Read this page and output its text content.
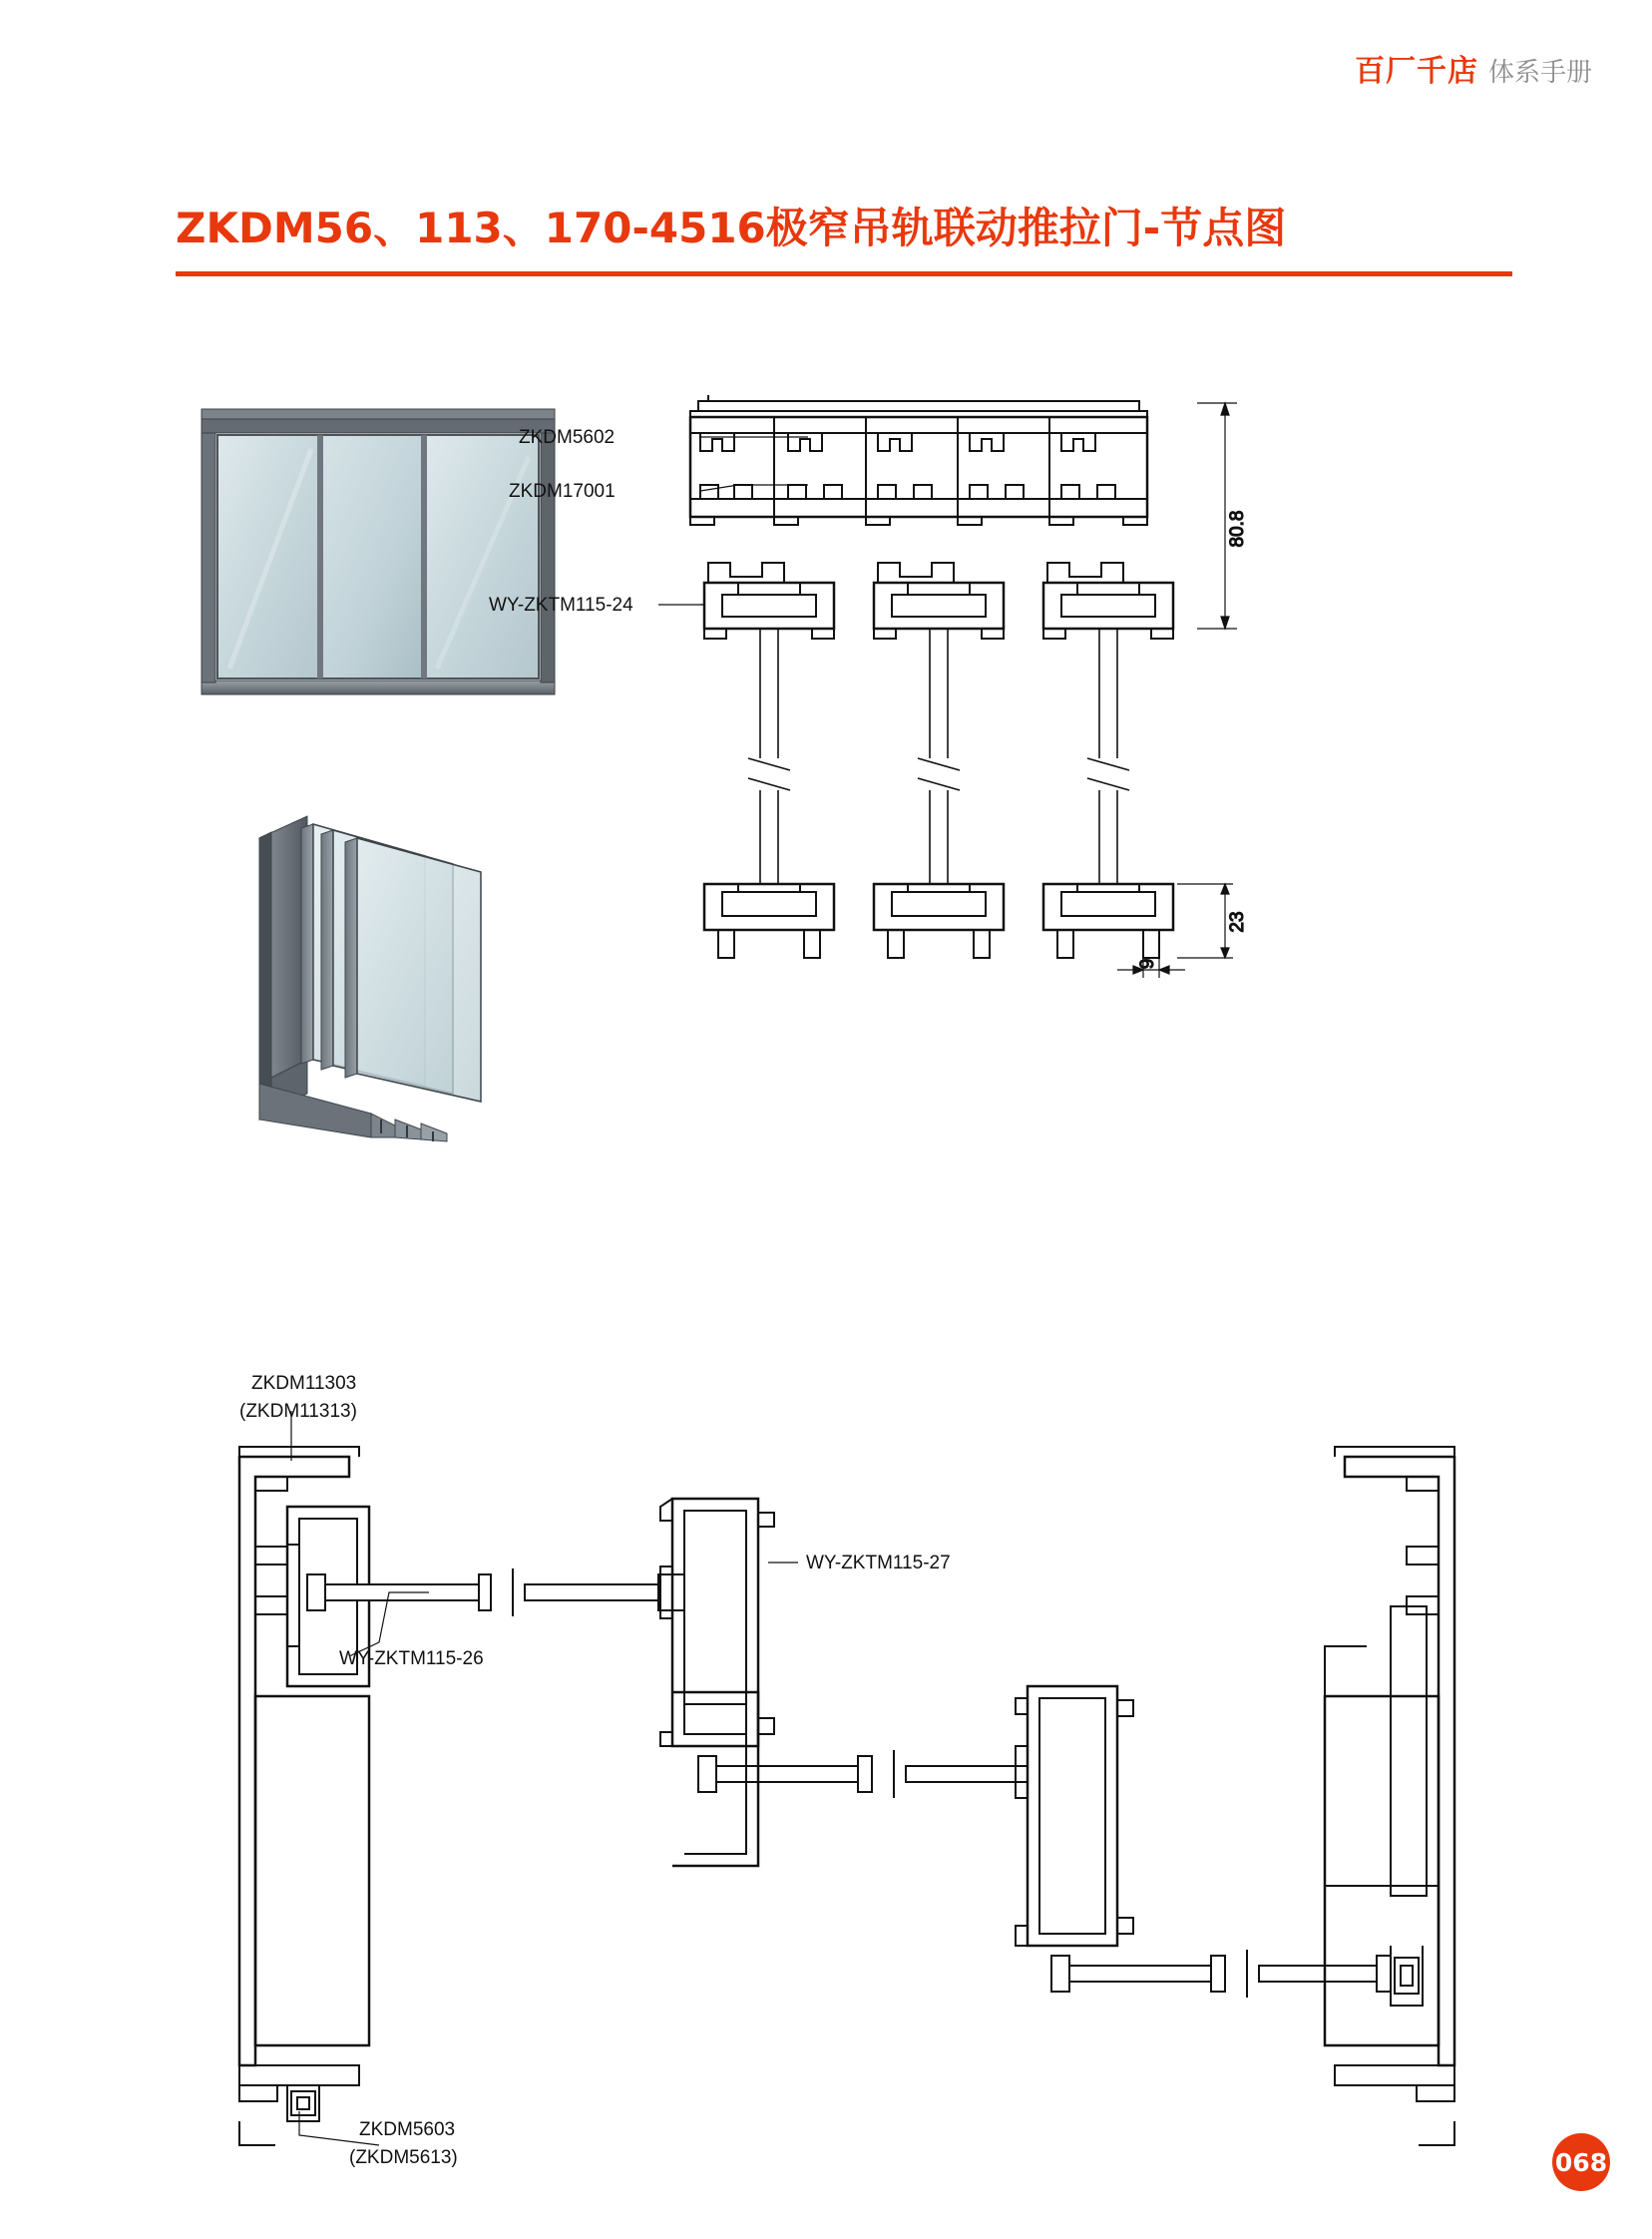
百厂千店 体系手册
ZKDM56、113、170-4516极窄吊轨联动推拉门-节点图
ZKDM5602
ZKDM17001
WY-ZKTM115-24
80.8
23
9
ZKDM11303
(ZKDM11313)
WY-ZKTM115-27
WY-ZKTM115-26
ZKDM5603
(ZKDM5613)	068
